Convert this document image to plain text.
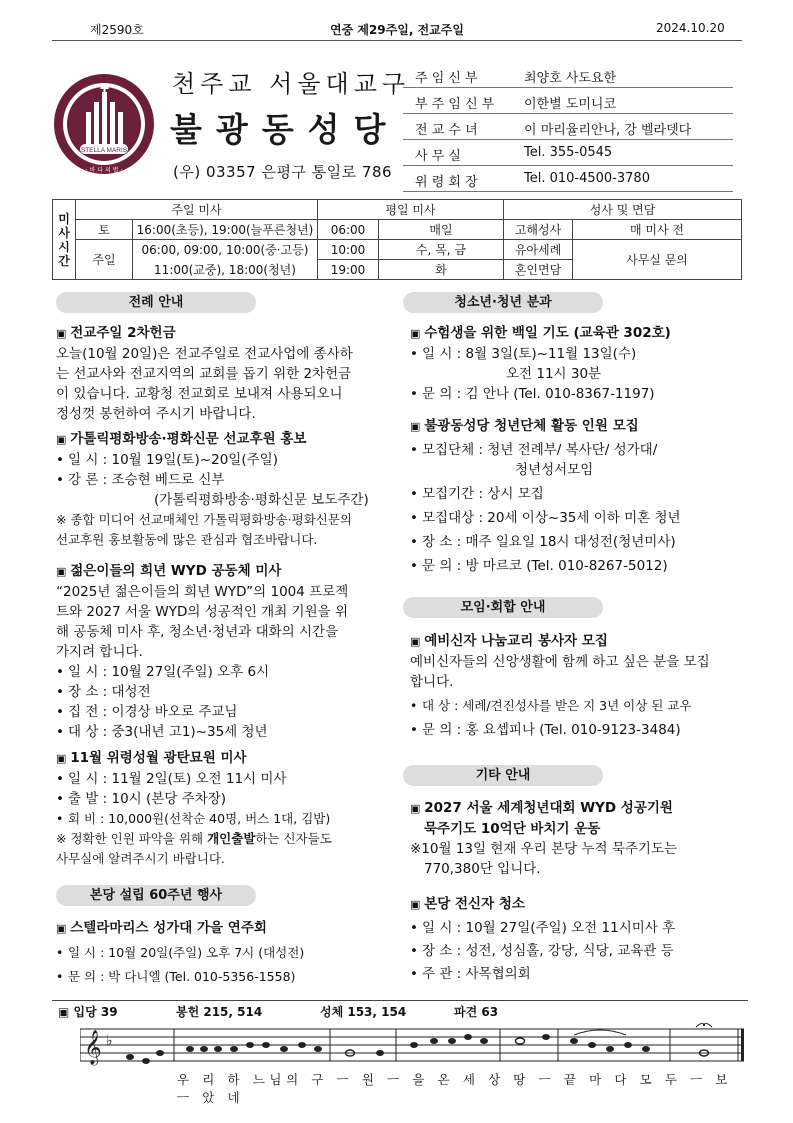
제2590호	연중 제29주일, 전교주일	2024.10.20
STELLA MARIS
· 바 다 의 별 ·
천주교 서울대교구
불광동성당
(우) 03357 은평구 통일로 786
주 임 신 부	최양호 사도요한
부 주 임 신 부	이한별 도미니코
전 교 수 녀	이 마리율리안나, 강 벨라뎃다
사 무 실	Tel. 355-0545
위 령 회 장	Tel. 010-4500-3780
미사
시간	주일 미사		평일 미사		성사 및 면담	
	토	16:00(초등), 19:00(늘푸른청년)	06:00	매일	고해성사	매 미사 전
	주일	06:00, 09:00, 10:00(중·고등)	10:00	수, 목, 금	유아세례	사무실 문의
		11:00(교중), 18:00(청년)	19:00	화	혼인면담	
전례 안내
▣ 전교주일 2차헌금

오늘(10월 20일)은 전교주일로 전교사업에 종사하

는 선교사와 전교지역의 교회를 돕기 위한 2차헌금

이 있습니다. 교황청 전교회로 보내져 사용되오니

정성껏 봉헌하여 주시기 바랍니다.

▣ 가톨릭평화방송·평화신문 선교후원 홍보
• 일 시 : 10월 19일(토)~20일(주일)
• 강 론 : 조승현 베드로 신부
(가톨릭평화방송·평화신문 보도주간)

※ 종합 미디어 선교매체인 가톨릭평화방송·평화신문의

선교후원 홍보활동에 많은 관심과 협조바랍니다.

▣ 젊은이들의 희년 WYD 공동체 미사

“2025년 젊은이들의 희년 WYD”의 1004 프로젝

트와 2027 서울 WYD의 성공적인 개최 기원을 위

해 공동체 미사 후, 청소년·청년과 대화의 시간을

가지려 합니다.

• 일 시 : 10월 27일(주일) 오후 6시
• 장 소 : 대성전
• 집 전 : 이경상 바오로 주교님
• 대 상 : 중3(내년 고1)~35세 청년
▣ 11월 위령성월 광탄묘원 미사
• 일 시 : 11월 2일(토) 오전 11시 미사
• 출 발 : 10시 (본당 주차장)
• 회 비 : 10,000원(선착순 40명, 버스 1대, 김밥)

※ 정확한 인원 파악을 위해 개인출발하는 신자들도

사무실에 알려주시기 바랍니다.

본당 설립 60주년 행사
▣ 스텔라마리스 성가대 가을 연주회
• 일 시 : 10월 20일(주일) 오후 7시 (대성전)
• 문 의 : 박 다니엘 (Tel. 010-5356-1558)
청소년·청년 분과
▣ 수험생을 위한 백일 기도 (교육관 302호)
• 일 시 : 8월 3일(토)~11월 13일(수)
오전 11시 30분
• 문 의 : 김 안나 (Tel. 010-8367-1197)
▣ 불광동성당 청년단체 활동 인원 모집
• 모집단체 : 청년 전례부/ 복사단/ 성가대/
청년성서모임
• 모집기간 : 상시 모집
• 모집대상 : 20세 이상~35세 이하 미혼 청년
• 장 소 : 매주 일요일 18시 대성전(청년미사)
• 문 의 : 방 마르코 (Tel. 010-8267-5012)
모임·회합 안내
▣ 예비신자 나눔교리 봉사자 모집

예비신자들의 신앙생활에 함께 하고 싶은 분을 모집

합니다.

• 대 상 : 세례/견진성사를 받은 지 3년 이상 된 교우
• 문 의 : 홍 요셉피나 (Tel. 010-9123-3484)
기타 안내
▣ 2027 서울 세계청년대회 WYD 성공기원
묵주기도 10억단 바치기 운동

※10월 13일 현재 우리 본당 누적 묵주기도는

770,380단 입니다.

▣ 본당 전신자 청소
• 일 시 : 10월 27일(주일) 오전 11시미사 후
• 장 소 : 성전, 성심홀, 강당, 식당, 교육관 등
• 주 관 : 사목협의회
▣ 입당 39	봉헌 215, 514	성체 153, 154	파견 63
𝄞 ♭
우 리 하 느님의 구 ㅡ 원 ㅡ 을 온 세 상 땅 ㅡ 끝 마 다 모 두 ㅡ 보 ㅡ 았 네
